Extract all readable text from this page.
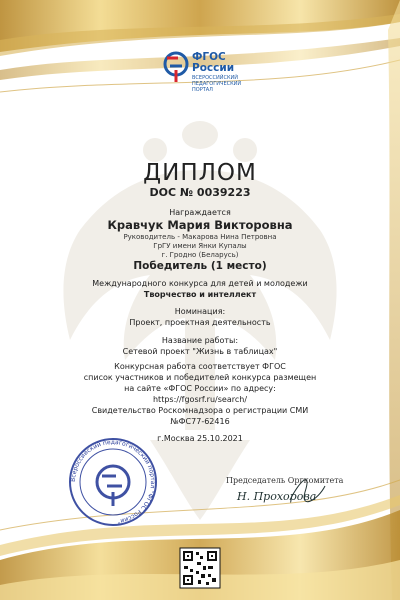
Всероссийский педагогический портал "ФГОС России"
ФГОС
России
ВСЕРОССИЙСКИЙ ПЕДАГОГИЧЕСКИЙ ПОРТАЛ
ДИПЛОМ
DOC № 0039223
Награждается
Кравчук Мария Викторовна
Руководитель - Макарова Нина Петровна
ГрГУ имени Янки Купалы
г. Гродно (Беларусь)
Победитель (1 место)
Международного конкурса для детей и молодежи
Творчество и интеллект
Номинация:
Проект, проектная деятельность
Название работы:
Сетевой проект "Жизнь в таблицах"
Конкурсная работа соответствует ФГОС
список участников и победителей конкурса размещен
на сайте «ФГОС России» по адресу:
https://fgosrf.ru/search/
Свидетельство Роскомнадзора о регистрации СМИ
№ФС77-62416
г.Москва 25.10.2021
Председатель Оргкомитета
Н. Прохорова
